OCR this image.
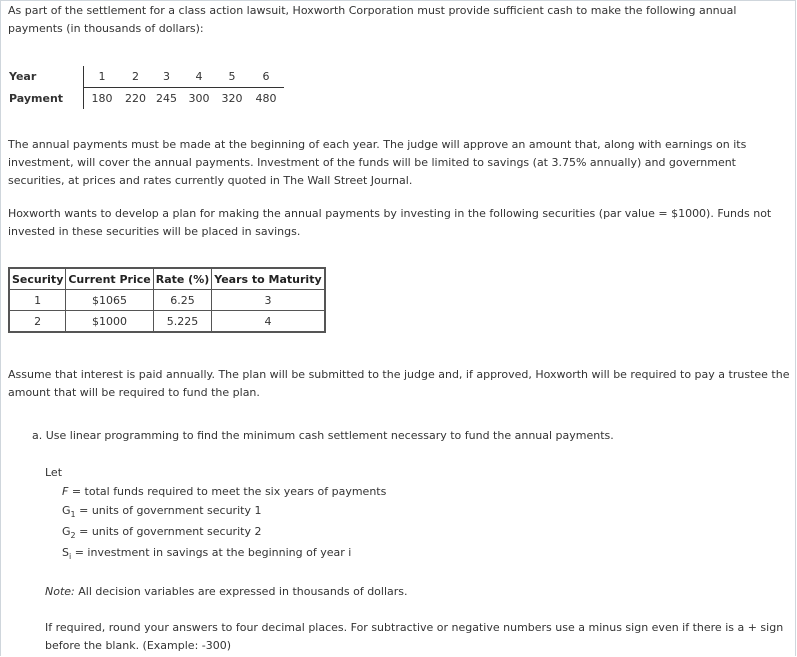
As part of the settlement for a class action lawsuit, Hoxworth Corporation must provide sufficient cash to make the following annual payments (in thousands of dollars):

Year	1	2	3	4	5	6
Payment	180	220	245	300	320	480

The annual payments must be made at the beginning of each year. The judge will approve an amount that, along with earnings on its investment, will cover the annual payments. Investment of the funds will be limited to savings (at 3.75% annually) and government securities, at prices and rates currently quoted in The Wall Street Journal.

Hoxworth wants to develop a plan for making the annual payments by investing in the following securities (par value = $1000). Funds not invested in these securities will be placed in savings.

Security	Current Price	Rate (%)	Years to Maturity
1	$1065	6.25	3
2	$1000	5.225	4

Assume that interest is paid annually. The plan will be submitted to the judge and, if approved, Hoxworth will be required to pay a trustee the amount that will be required to fund the plan.

a. Use linear programming to find the minimum cash settlement necessary to fund the annual payments.

Let

F = total funds required to meet the six years of payments

$G_1$ = units of government security 1

$G_2$ = units of government security 2

$S_i$ = investment in savings at the beginning of year i

Note: All decision variables are expressed in thousands of dollars.

If required, round your answers to four decimal places. For subtractive or negative numbers use a minus sign even if there is a + sign before the blank. (Example: -300)
